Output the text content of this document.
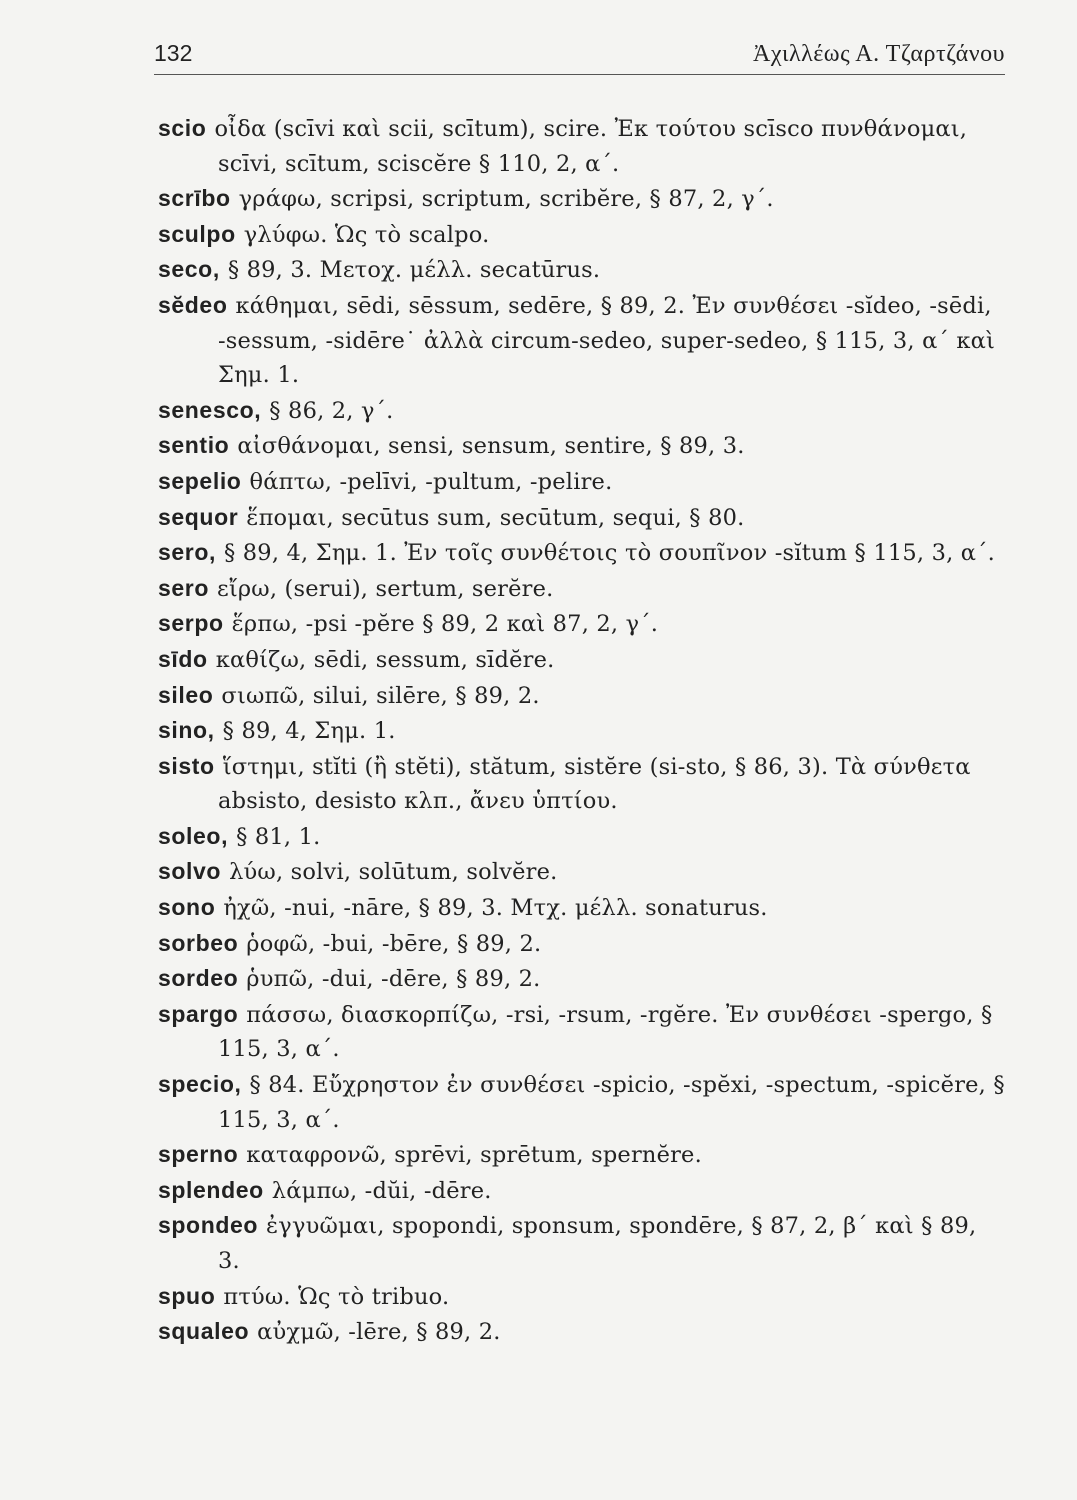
132	Ἀχιλλέως Α. Τζαρτζάνου
scio οἶδα (scīvi καὶ scii, scītum), scire. Ἐκ τούτου scīsco πυνθάνομαι, scīvi, scītum, sciscĕre § 110, 2, α΄.
scrībo γράφω, scripsi, scriptum, scribĕre, § 87, 2, γ΄.
sculpo γλύφω. Ὡς τὸ scalpo.
seco, § 89, 3. Μετοχ. μέλλ. secatūrus.
sĕdeo κάθημαι, sēdi, sēssum, sedēre, § 89, 2. Ἐν συνθέσει -sĭdeo, -sēdi, -sessum, -sidēre˙ ἀλλὰ circum-sedeo, super-sedeo, § 115, 3, α΄ καὶ Σημ. 1.
senesco, § 86, 2, γ΄.
sentio αἰσθάνομαι, sensi, sensum, sentire, § 89, 3.
sepelio θάπτω, -pelīvi, -pultum, -pelire.
sequor ἕπομαι, secūtus sum, secūtum, sequi, § 80.
sero, § 89, 4, Σημ. 1. Ἐν τοῖς συνθέτοις τὸ σουπῖνον -sĭtum § 115, 3, α΄.
sero εἴρω, (serui), sertum, serĕre.
serpo ἕρπω, -psi -pĕre § 89, 2 καὶ 87, 2, γ΄.
sīdo καθίζω, sēdi, sessum, sīdĕre.
sileo σιωπῶ, silui, silēre, § 89, 2.
sino, § 89, 4, Σημ. 1.
sisto ἵστημι, stĭti (ἢ stĕti), stătum, sistĕre (si-sto, § 86, 3). Τὰ σύνθετα absisto, desisto κλπ., ἄνευ ὑπτίου.
soleo, § 81, 1.
solvo λύω, solvi, solūtum, solvĕre.
sono ἠχῶ, -nui, -nāre, § 89, 3. Μτχ. μέλλ. sonaturus.
sorbeo ῥοφῶ, -bui, -bēre, § 89, 2.
sordeo ῥυπῶ, -dui, -dēre, § 89, 2.
spargo πάσσω, διασκορπίζω, -rsi, -rsum, -rgĕre. Ἐν συνθέσει -spergo, § 115, 3, α΄.
specio, § 84. Εὔχρηστον ἐν συνθέσει -spicio, -spĕxi, -spectum, -spicĕre, § 115, 3, α΄.
sperno καταφρονῶ, sprēvi, sprētum, spernĕre.
splendeo λάμπω, -dŭi, -dēre.
spondeo ἐγγυῶμαι, spopondi, sponsum, spondēre, § 87, 2, β΄ καὶ § 89, 3.
spuo πτύω. Ὡς τὸ tribuo.
squaleo αὐχμῶ, -lēre, § 89, 2.
